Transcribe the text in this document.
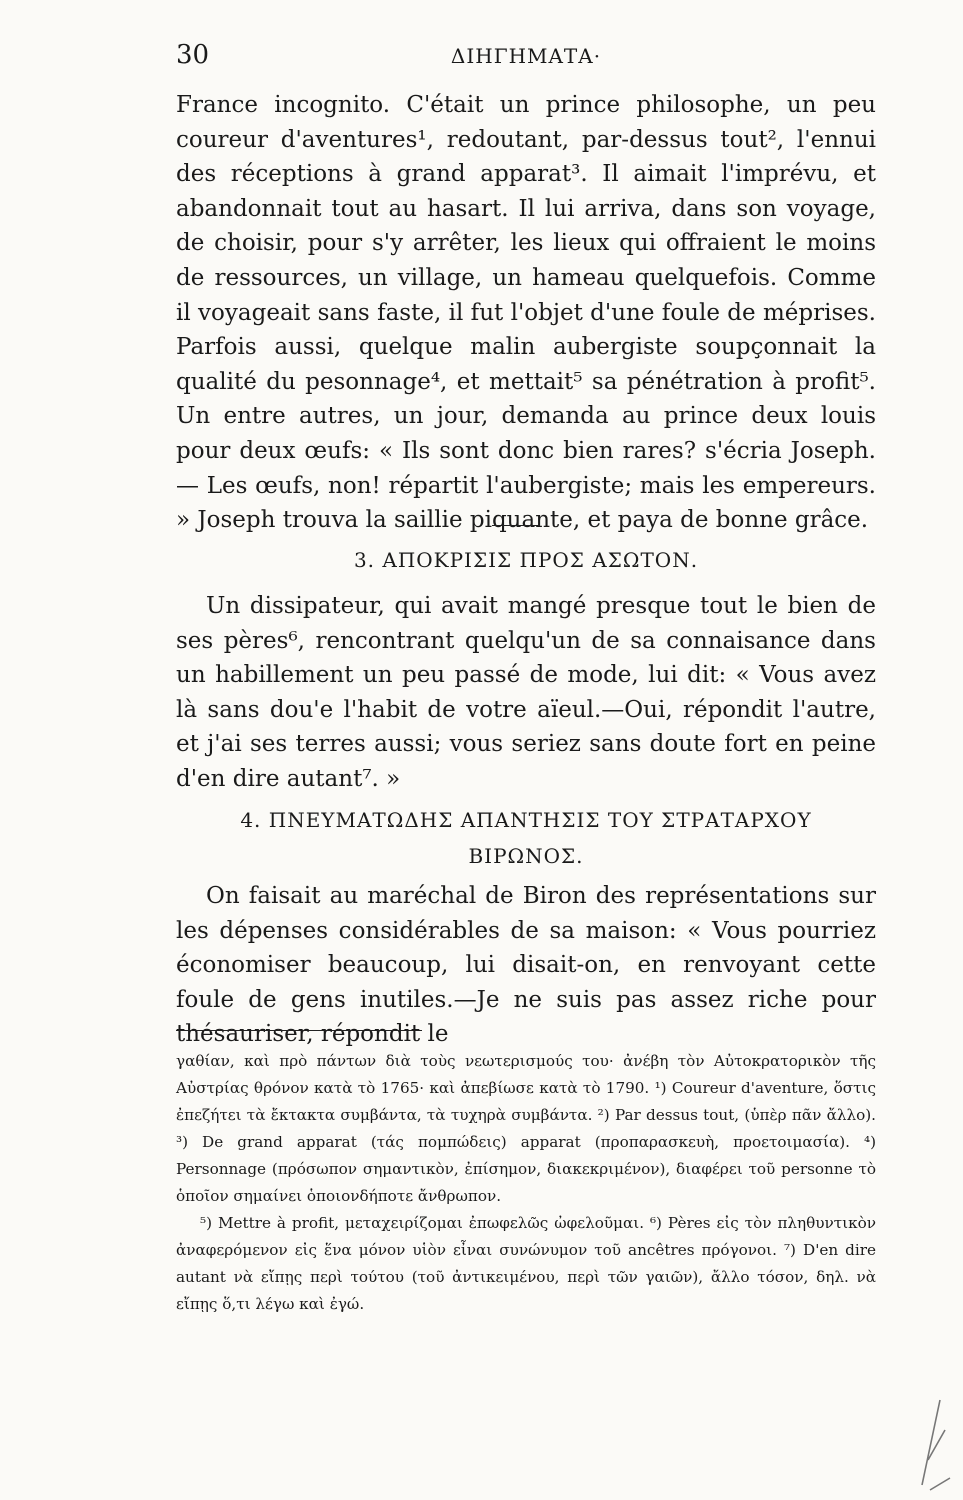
30	ΔΙΗΓΗΜΑΤΑ·

France incognito. C'était un prince philosophe, un peu coureur d'aventures¹, redoutant, par-dessus tout², l'ennui des réceptions à grand apparat³. Il aimait l'imprévu, et abandonnait tout au hasart. Il lui arriva, dans son voyage, de choisir, pour s'y arrêter, les lieux qui offraient le moins de ressources, un village, un hameau quelquefois. Comme il voyageait sans faste, il fut l'objet d'une foule de méprises. Parfois aussi, quelque malin aubergiste soupçonnait la qualité du pesonnage⁴, et mettait⁵ sa pénétration à profit⁵. Un entre autres, un jour, demanda au prince deux louis pour deux œufs: « Ils sont donc bien rares? s'écria Joseph. — Les œufs, non! répartit l'aubergiste; mais les empereurs. » Joseph trouva la saillie piquante, et paya de bonne grâce.

3. ΑΠΟΚΡΙΣΙΣ ΠΡΟΣ ΑΣΩΤΟΝ.

Un dissipateur, qui avait mangé presque tout le bien de ses pères⁶, rencontrant quelqu'un de sa connaisance dans un habillement un peu passé de mode, lui dit: « Vous avez là sans dou'e l'habit de votre aïeul.—Oui, répondit l'autre, et j'ai ses terres aussi; vous seriez sans doute fort en peine d'en dire autant⁷. »

4. ΠΝΕΥΜΑΤΩΔΗΣ ΑΠΑΝΤΗΣΙΣ ΤΟΥ ΣΤΡΑΤΑΡΧΟΥ
ΒΙΡΩΝΟΣ.

On faisait au maréchal de Biron des représentations sur les dépenses considérables de sa maison: « Vous pourriez économiser beaucoup, lui disait-on, en renvoyant cette foule de gens inutiles.—Je ne suis pas assez riche pour thésauriser, répondit le

γαθίαν, καὶ πρὸ πάντων διὰ τοὺς νεωτερισμούς του· ἀνέβη τὸν Αὐτοκρατορικὸν τῆς Αὐστρίας θρόνον κατὰ τὸ 1765· καὶ ἀπεβίωσε κατὰ τὸ 1790. ¹) Coureur d'aventure, ὅστις ἐπεζήτει τὰ ἔκτακτα συμβάντα, τὰ τυχηρὰ συμβάντα. ²) Par dessus tout, (ὑπὲρ πᾶν ἄλλο). ³) De grand apparat (τάς πομπώδεις) apparat (προπαρασκευὴ, προετοιμασία). ⁴) Personnage (πρόσωπον σημαντικὸν, ἐπίσημον, διακεκριμένον), διαφέρει τοῦ personne τὸ ὁποῖον σημαίνει ὁποιονδήποτε ἄνθρωπον.

⁵) Mettre à profit, μεταχειρίζομαι ἐπωφελῶς ὠφελοῦμαι. ⁶) Pères εἰς τὸν πληθυντικὸν ἀναφερόμενον εἰς ἕνα μόνον υἱὸν εἶναι συνώνυμον τοῦ ancêtres πρόγονοι. ⁷) D'en dire autant νὰ εἴπῃς περὶ τούτου (τοῦ ἀντικειμένου, περὶ τῶν γαιῶν), ἄλλο τόσον, δηλ. νὰ εἴπῃς ὅ,τι λέγω καὶ ἐγώ.
